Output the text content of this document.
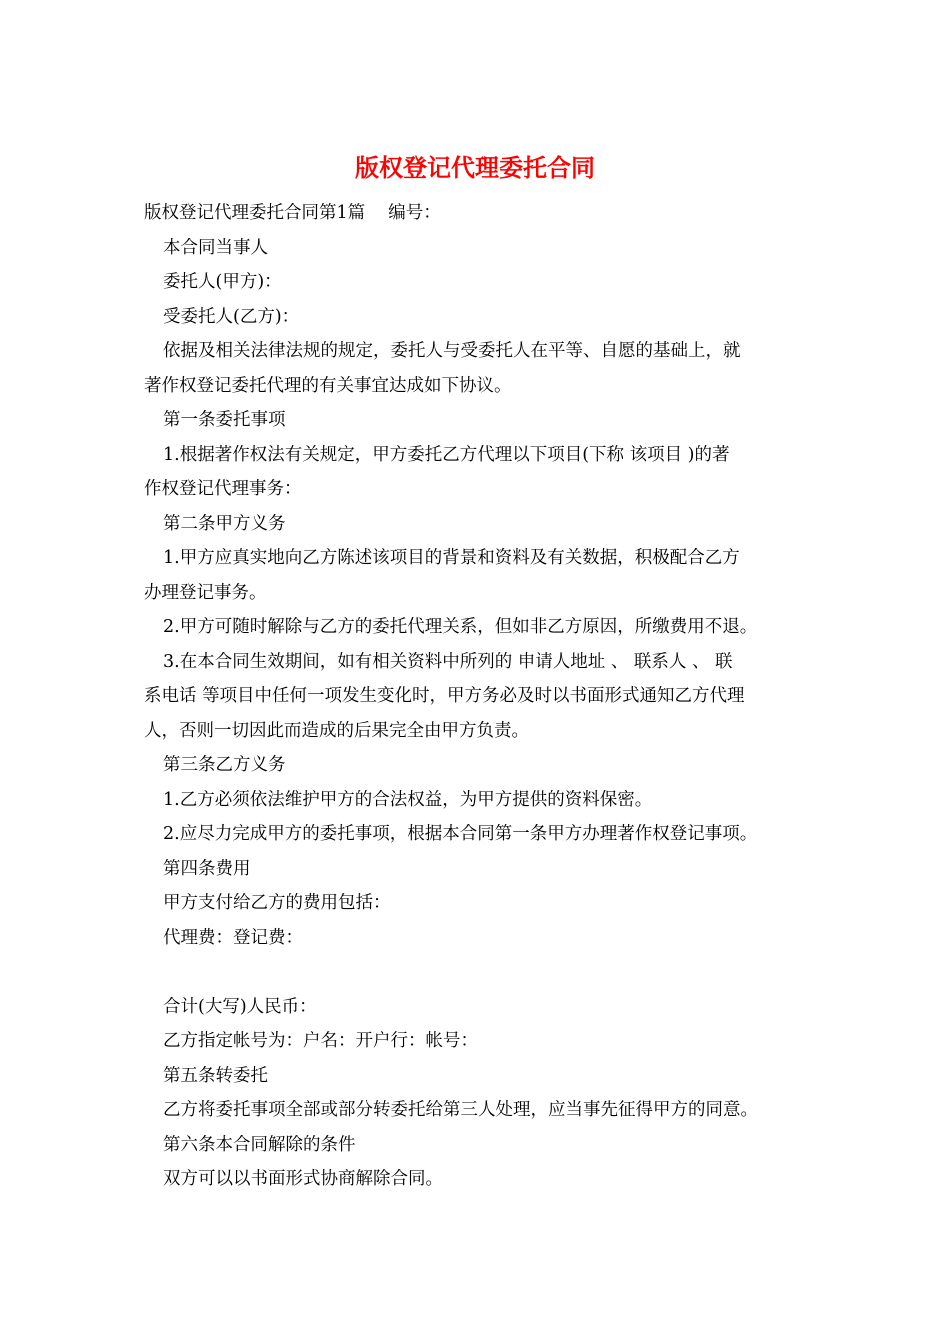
版权登记代理委托合同
版权登记代理委托合同第1篇　 编号：
本合同当事人
委托人(甲方)：
受委托人(乙方)：
依据及相关法律法规的规定，委托人与受委托人在平等、自愿的基础上，就
著作权登记委托代理的有关事宜达成如下协议。
第一条委托事项
1.根据著作权法有关规定，甲方委托乙方代理以下项目(下称 该项目 )的著
作权登记代理事务：
第二条甲方义务
1.甲方应真实地向乙方陈述该项目的背景和资料及有关数据，积极配合乙方
办理登记事务。
2.甲方可随时解除与乙方的委托代理关系，但如非乙方原因，所缴费用不退。
3.在本合同生效期间，如有相关资料中所列的 申请人地址 、 联系人 、 联
系电话 等项目中任何一项发生变化时，甲方务必及时以书面形式通知乙方代理
人，否则一切因此而造成的后果完全由甲方负责。
第三条乙方义务
1.乙方必须依法维护甲方的合法权益，为甲方提供的资料保密。
2.应尽力完成甲方的委托事项，根据本合同第一条甲方办理著作权登记事项。
第四条费用
甲方支付给乙方的费用包括：
代理费：登记费：
合计(大写)人民币：
乙方指定帐号为：户名：开户行：帐号：
第五条转委托
乙方将委托事项全部或部分转委托给第三人处理，应当事先征得甲方的同意。
第六条本合同解除的条件
双方可以以书面形式协商解除合同。
